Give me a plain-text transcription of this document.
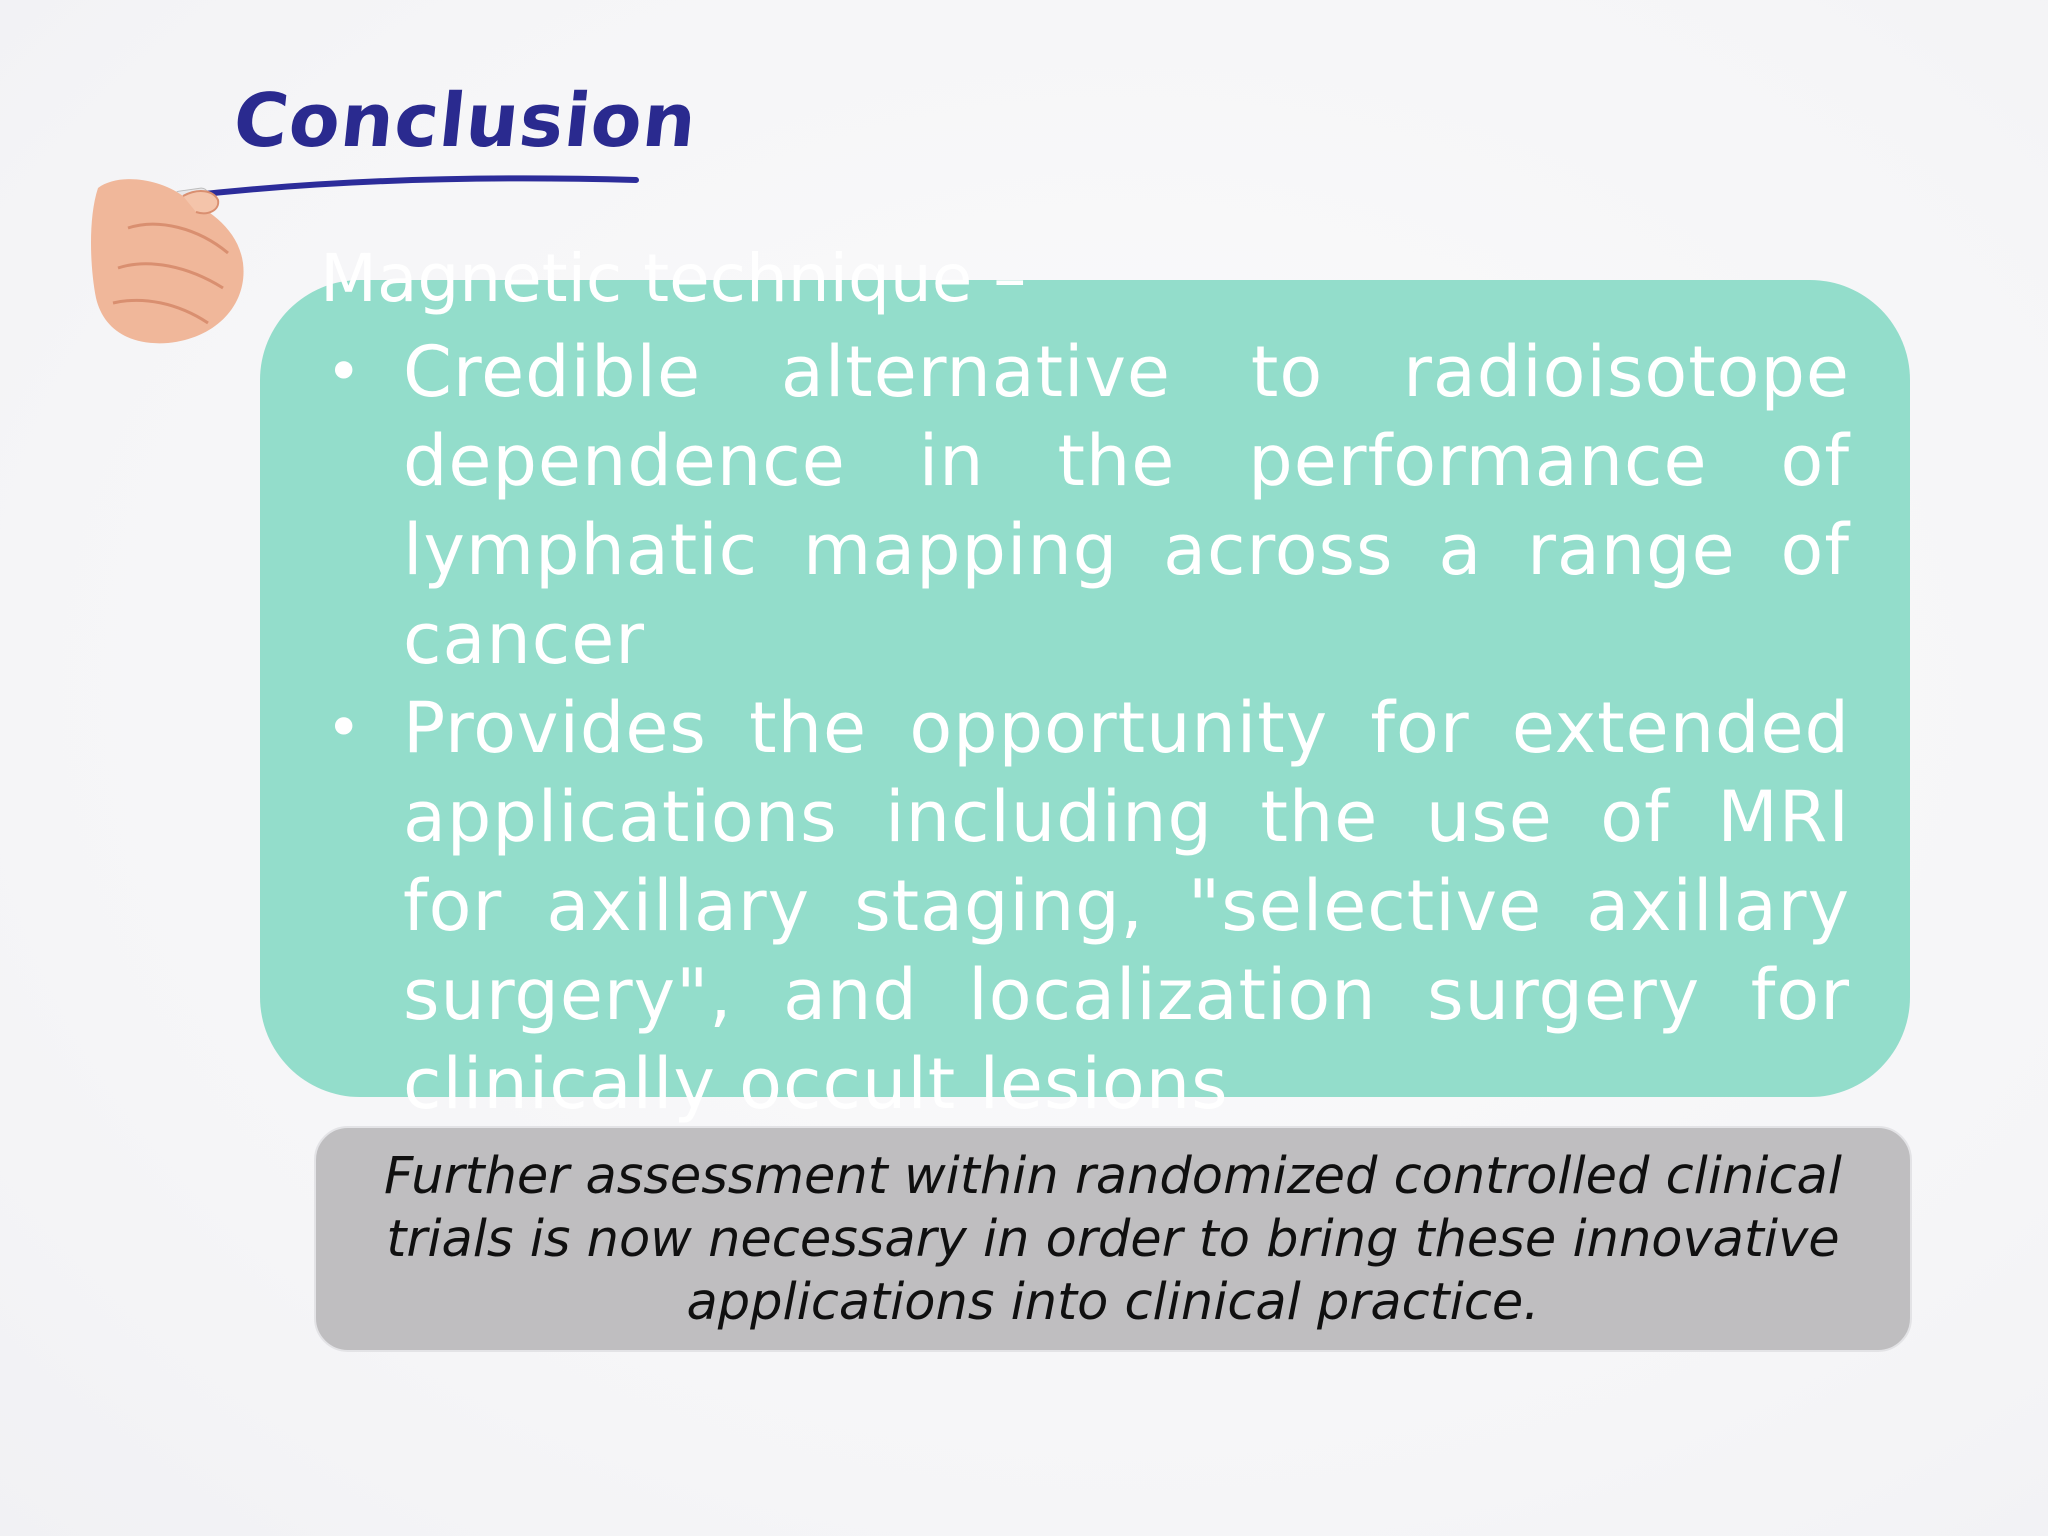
Conclusion
Magnetic technique –
• Credible alternative to radioisotope dependence in the performance of lymphatic mapping across a range of cancer
• Provides the opportunity for extended applications including the use of MRI for axillary staging, "selective axillary surgery", and localization surgery for clinically occult lesions

Further assessment within randomized controlled clinical trials is now necessary in order to bring these innovative applications into clinical practice.
